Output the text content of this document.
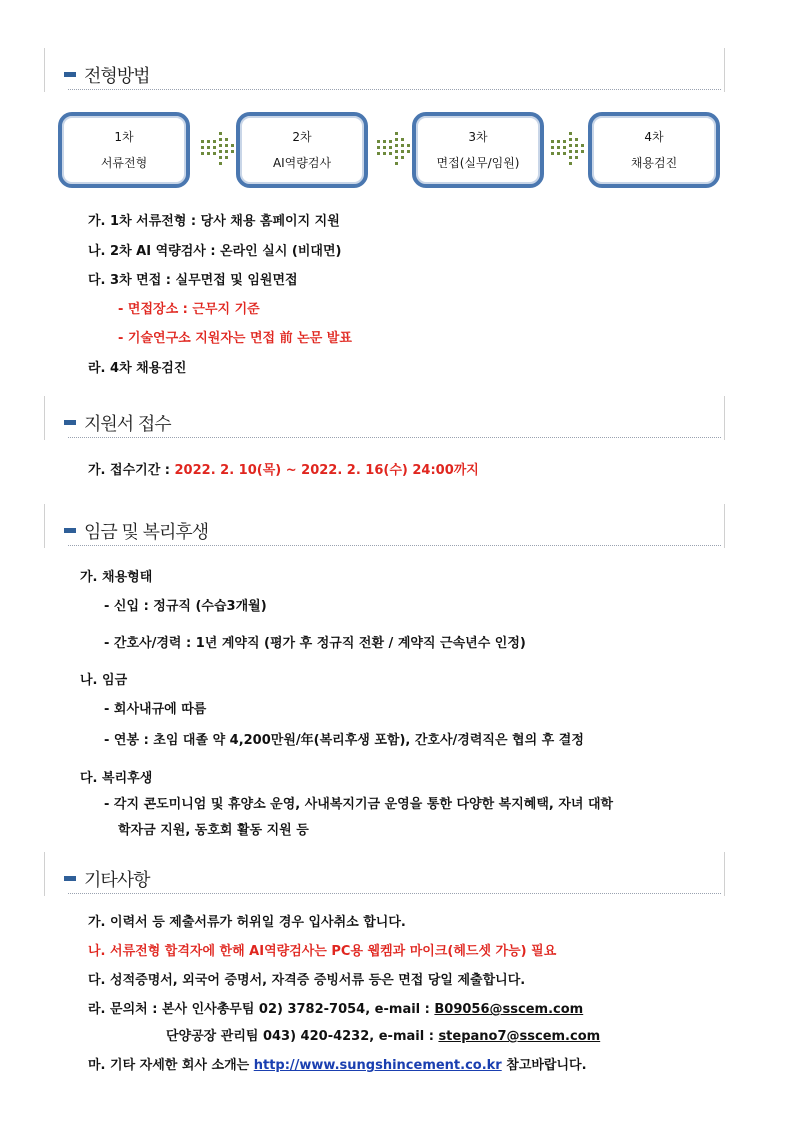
전형방법
1차
서류전형
2차
AI역량검사
3차
면접(실무/임원)
4차
채용검진
가. 1차 서류전형 : 당사 채용 홈페이지 지원
나. 2차 AI 역량검사 : 온라인 실시 (비대면)
다. 3차 면접 : 실무면접 및 임원면접
- 면접장소 : 근무지 기준
- 기술연구소 지원자는 면접 前 논문 발표
라. 4차 채용검진
지원서 접수
가. 접수기간 : 2022. 2. 10(목) ~ 2022. 2. 16(수) 24:00까지
임금 및 복리후생
가. 채용형태
- 신입 : 정규직 (수습3개월)
- 간호사/경력 : 1년 계약직 (평가 후 정규직 전환 / 계약직 근속년수 인정)
나. 임금
- 회사내규에 따름
- 연봉 : 초임 대졸 약 4,200만원/年(복리후생 포함), 간호사/경력직은 협의 후 결정
다. 복리후생
- 각지 콘도미니엄 및 휴양소 운영, 사내복지기금 운영을 통한 다양한 복지혜택, 자녀 대학
학자금 지원, 동호회 활동 지원 등
기타사항
가. 이력서 등 제출서류가 허위일 경우 입사취소 합니다.
나. 서류전형 합격자에 한해 AI역량검사는 PC용 웹켐과 마이크(헤드셋 가능) 필요
다. 성적증명서, 외국어 증명서, 자격증 증빙서류 등은 면접 당일 제출합니다.
라. 문의처 : 본사 인사총무팀 02) 3782-7054, e-mail : B09056@sscem.com
단양공장 관리팀 043) 420-4232, e-mail : stepano7@sscem.com
마. 기타 자세한 회사 소개는 http://www.sungshincement.co.kr 참고바랍니다.
